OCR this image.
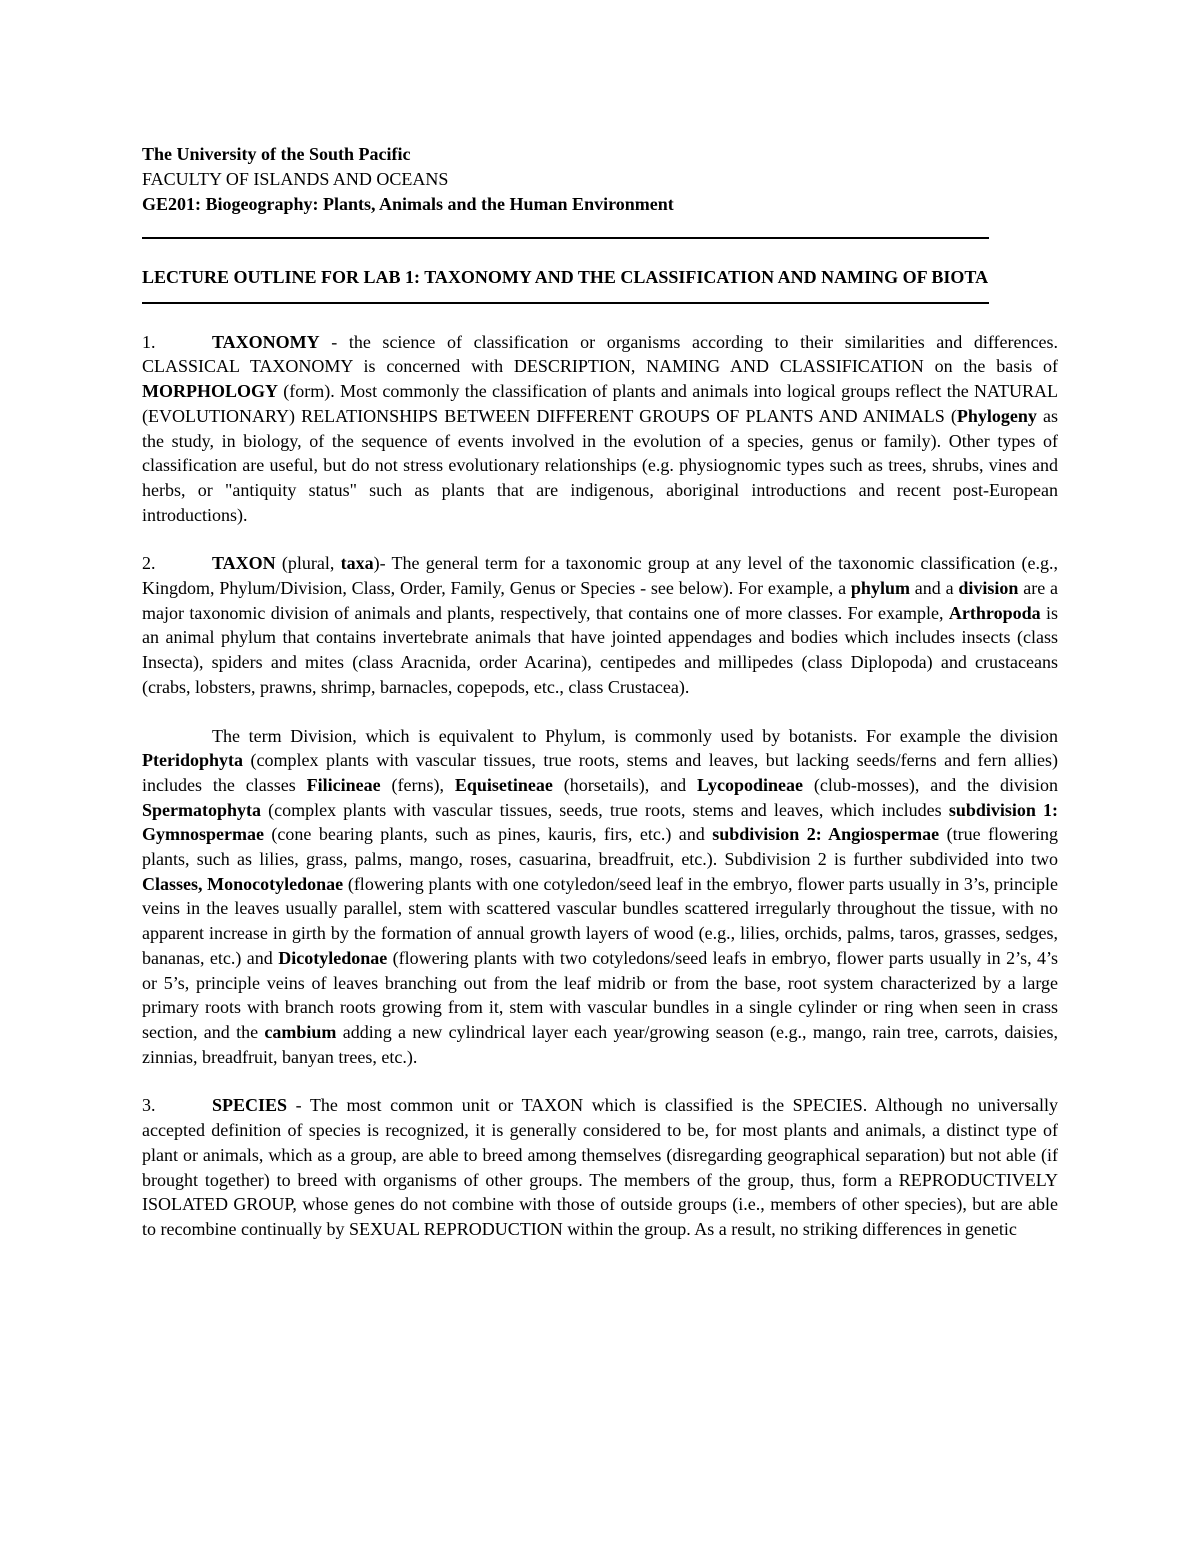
The University of the South Pacific

FACULTY OF ISLANDS AND OCEANS

GE201: Biogeography: Plants, Animals and the Human Environment

LECTURE OUTLINE FOR LAB 1: TAXONOMY AND THE CLASSIFICATION AND NAMING OF BIOTA

1.	TAXONOMY - the science of classification or organisms according to their similarities and differences. CLASSICAL TAXONOMY is concerned with DESCRIPTION, NAMING AND CLASSIFICATION on the basis of MORPHOLOGY (form). Most commonly the classification of plants and animals into logical groups reflect the NATURAL (EVOLUTIONARY) RELATIONSHIPS BETWEEN DIFFERENT GROUPS OF PLANTS AND ANIMALS (Phylogeny as the study, in biology, of the sequence of events involved in the evolution of a species, genus or family). Other types of classification are useful, but do not stress evolutionary relationships (e.g. physiognomic types such as trees, shrubs, vines and herbs, or "antiquity status" such as plants that are indigenous, aboriginal introductions and recent post-European introductions).

2.	TAXON (plural, taxa)- The general term for a taxonomic group at any level of the taxonomic classification (e.g., Kingdom, Phylum/Division, Class, Order, Family, Genus or Species - see below). For example, a phylum and a division are a major taxonomic division of animals and plants, respectively, that contains one of more classes. For example, Arthropoda is an animal phylum that contains invertebrate animals that have jointed appendages and bodies which includes insects (class Insecta), spiders and mites (class Aracnida, order Acarina), centipedes and millipedes (class Diplopoda) and crustaceans (crabs, lobsters, prawns, shrimp, barnacles, copepods, etc., class Crustacea).

The term Division, which is equivalent to Phylum, is commonly used by botanists. For example the division Pteridophyta (complex plants with vascular tissues, true roots, stems and leaves, but lacking seeds/ferns and fern allies) includes the classes Filicineae (ferns), Equisetineae (horsetails), and Lycopodineae (club-mosses), and the division Spermatophyta (complex plants with vascular tissues, seeds, true roots, stems and leaves, which includes subdivision 1: Gymnospermae (cone bearing plants, such as pines, kauris, firs, etc.) and subdivision 2: Angiospermae (true flowering plants, such as lilies, grass, palms, mango, roses, casuarina, breadfruit, etc.). Subdivision 2 is further subdivided into two Classes, Monocotyledonae (flowering plants with one cotyledon/seed leaf in the embryo, flower parts usually in 3’s, principle veins in the leaves usually parallel, stem with scattered vascular bundles scattered irregularly throughout the tissue, with no apparent increase in girth by the formation of annual growth layers of wood (e.g., lilies, orchids, palms, taros, grasses, sedges, bananas, etc.) and Dicotyledonae (flowering plants with two cotyledons/seed leafs in embryo, flower parts usually in 2’s, 4’s or 5’s, principle veins of leaves branching out from the leaf midrib or from the base, root system characterized by a large primary roots with branch roots growing from it, stem with vascular bundles in a single cylinder or ring when seen in crass section, and the cambium adding a new cylindrical layer each year/growing season (e.g., mango, rain tree, carrots, daisies, zinnias, breadfruit, banyan trees, etc.).

3.	SPECIES - The most common unit or TAXON which is classified is the SPECIES. Although no universally accepted definition of species is recognized, it is generally considered to be, for most plants and animals, a distinct type of plant or animals, which as a group, are able to breed among themselves (disregarding geographical separation) but not able (if brought together) to breed with organisms of other groups. The members of the group, thus, form a REPRODUCTIVELY ISOLATED GROUP, whose genes do not combine with those of outside groups (i.e., members of other species), but are able to recombine continually by SEXUAL REPRODUCTION within the group. As a result, no striking differences in genetic
